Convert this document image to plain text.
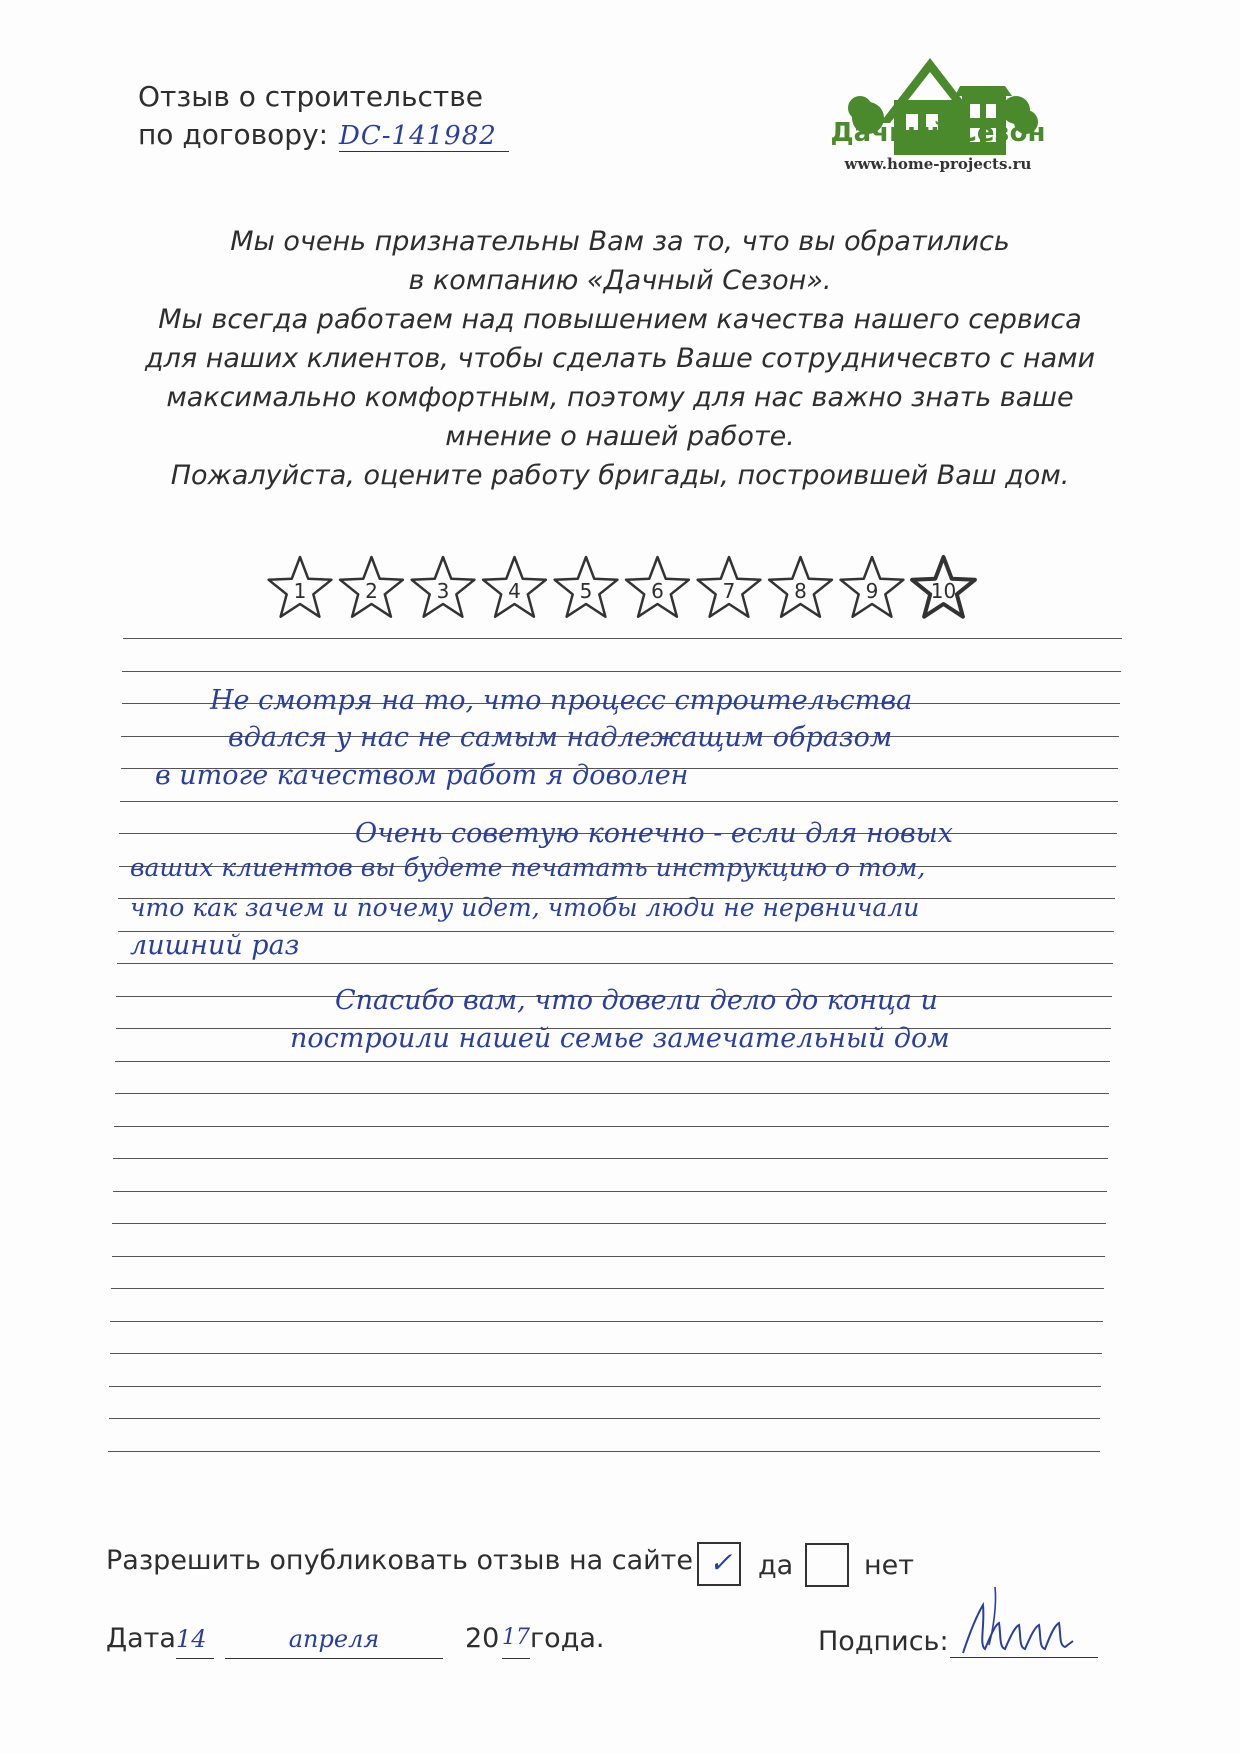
Отзыв о строительстве
по договору: DC-141982	Дачный Сезон
www.home-projects.ru
Мы очень признательны Вам за то, что вы обратились
в компанию «Дачный Сезон».
Мы всегда работаем над повышением качества нашего сервиса
для наших клиентов, чтобы сделать Ваше сотрудничесвто с нами
максимально комфортным, поэтому для нас важно знать ваше
мнение о нашей работе.
Пожалуйста, оцените работу бригады, построившей Ваш дом.
1	2	3	4	5	6	7	8	9	10
Не смотря на то, что процесс строительства
вдался у нас не самым надлежащим образом
в итоге качеством работ я доволен
Очень советую конечно - если для новых
ваших клиентов вы будете печатать инструкцию о том,
что как зачем и почему идет, чтобы люди не нервничали
лишний раз
Спасибо вам, что довели дело до конца и
построили нашей семье замечательный дом
Разрешить опубликовать отзыв на сайте ✓ да	нет
Дата 14	апреля	20 17 года.	Подпись:
